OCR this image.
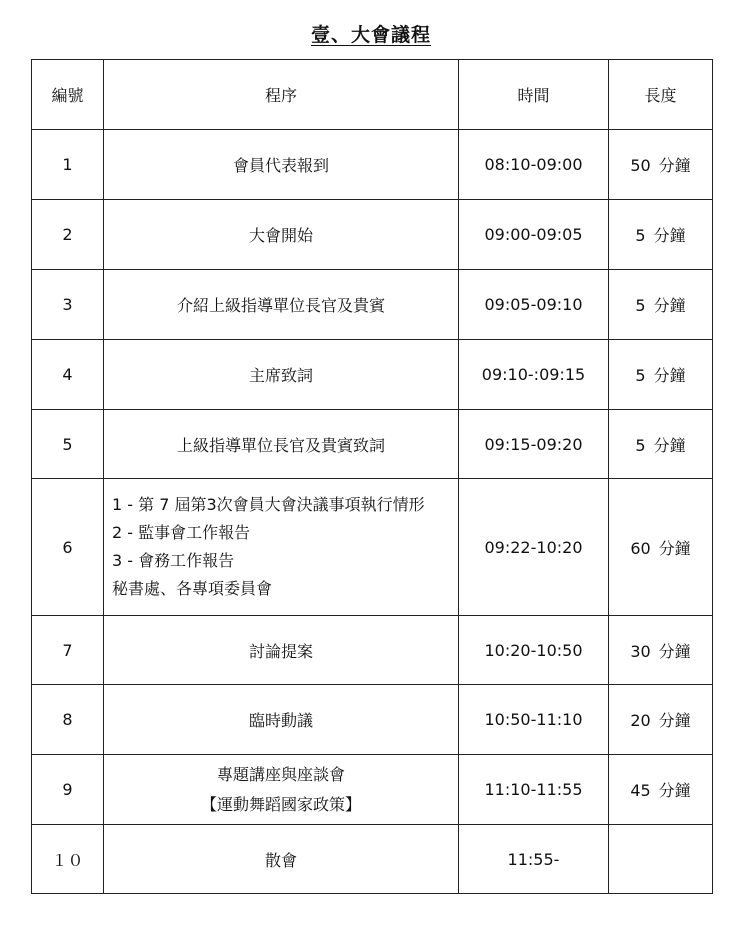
壹、大會議程
編號	程序	時間	長度
1	會員代表報到	08:10-09:00	50 分鐘
2	大會開始	09:00-09:05	5 分鐘
3	介紹上級指導單位長官及貴賓	09:05-09:10	5 分鐘
4	主席致詞	09:10-:09:15	5 分鐘
5	上級指導單位長官及貴賓致詞	09:15-09:20	5 分鐘
6	1 - 第 7 屆第3次會員大會決議事項執行情形
2 - 監事會工作報告
3 - 會務工作報告
秘書處、各專項委員會	09:22-10:20	60 分鐘
7	討論提案	10:20-10:50	30 分鐘
8	臨時動議	10:50-11:10	20 分鐘
9	專題講座與座談會
【運動舞蹈國家政策】	11:10-11:55	45 分鐘
１０	散會	11:55-	
